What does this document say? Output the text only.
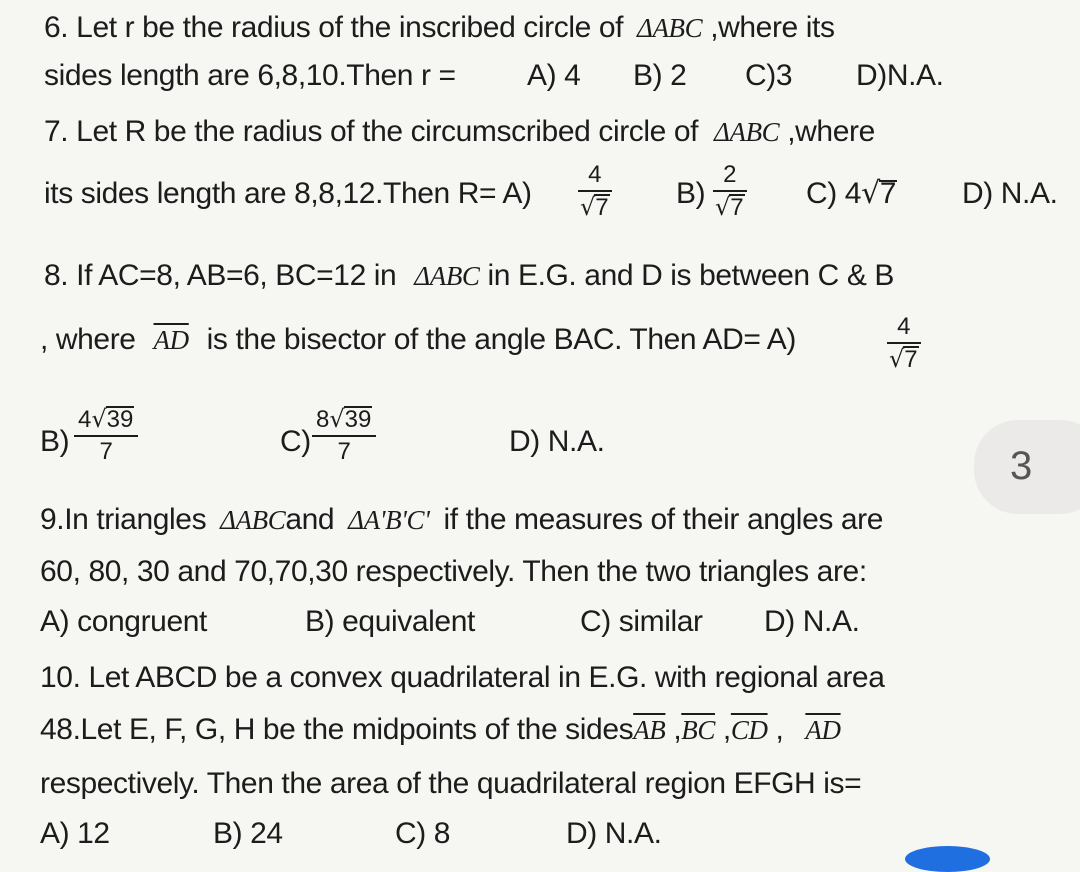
6. Let r be the radius of the inscribed circle of ΔABC ,where its
sides length are 6,8,10.Then r = A) 4 B) 2 C)3 D)N.A.
7. Let R be the radius of the circumscribed circle of ΔABC ,where
its sides length are 8,8,12.Then R= A)
4
√7 B)
2
√7 C) 4√7 D) N.A.
8. If AC=8, AB=6, BC=12 in ΔABC in E.G. and D is between C & B
, where $\overline{AD}$ is the bisector of the angle BAC. Then AD= A)	4
√7
B)
4√39
7	C)
8√39
7	D) N.A.
3
9.In triangles ΔABCand ΔA'B'C' if the measures of their angles are
60, 80, 30 and 70,70,30 respectively. Then the two triangles are:
A) congruent	B) equivalent	C) similar D) N.A.
10. Let ABCD be a convex quadrilateral in E.G. with regional area
48.Let E, F, G, H be the midpoints of the $sides\overline{AB}$ $,\overline{BC}$ $,\overline{CD}$ , $\overline{AD}$
respectively. Then the area of the quadrilateral region EFGH is=
A) 12	B) 24	C) 8	D) N.A.
